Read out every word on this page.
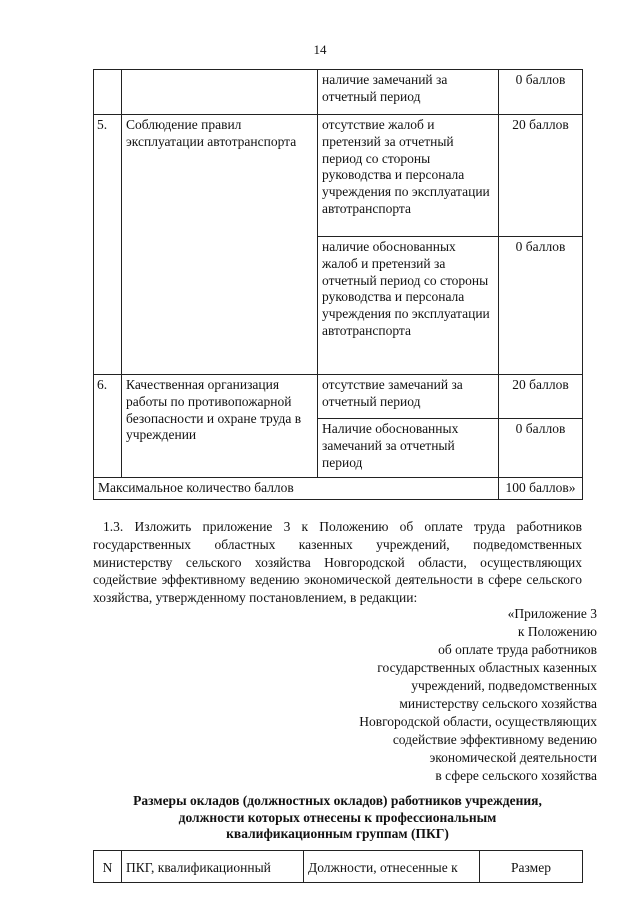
14
		наличие замечаний за отчетный период	0 баллов
5.	Соблюдение правил эксплуатации автотранспорта	отсутствие жалоб и претензий за отчетный период со стороны руководства и персонала учреждения по эксплуатации автотранспорта	20 баллов
		наличие обоснованных жалоб и претензий за отчетный период со стороны руководства и персонала учреждения по эксплуатации автотранспорта	0 баллов
6.	Качественная организация работы по противопожарной безопасности и охране труда в учреждении	отсутствие замечаний за отчетный период	20 баллов
		Наличие обоснованных замечаний за отчетный период	0 баллов
Максимальное количество баллов			100 баллов»

1.3. Изложить приложение 3 к Положению об оплате труда работников государственных областных казенных учреждений, подведомственных министерству сельского хозяйства Новгородской области, осуществляющих содействие эффективному ведению экономической деятельности в сфере сельского хозяйства, утвержденному постановлением, в редакции:

«Приложение 3
к Положению
об оплате труда работников
государственных областных казенных
учреждений, подведомственных
министерству сельского хозяйства
Новгородской области, осуществляющих
содействие эффективному ведению
экономической деятельности
в сфере сельского хозяйства
Размеры окладов (должностных окладов) работников учреждения,
должности которых отнесены к профессиональным
квалификационным группам (ПКГ)
N	ПКГ, квалификационный	Должности, отнесенные к	Размер
